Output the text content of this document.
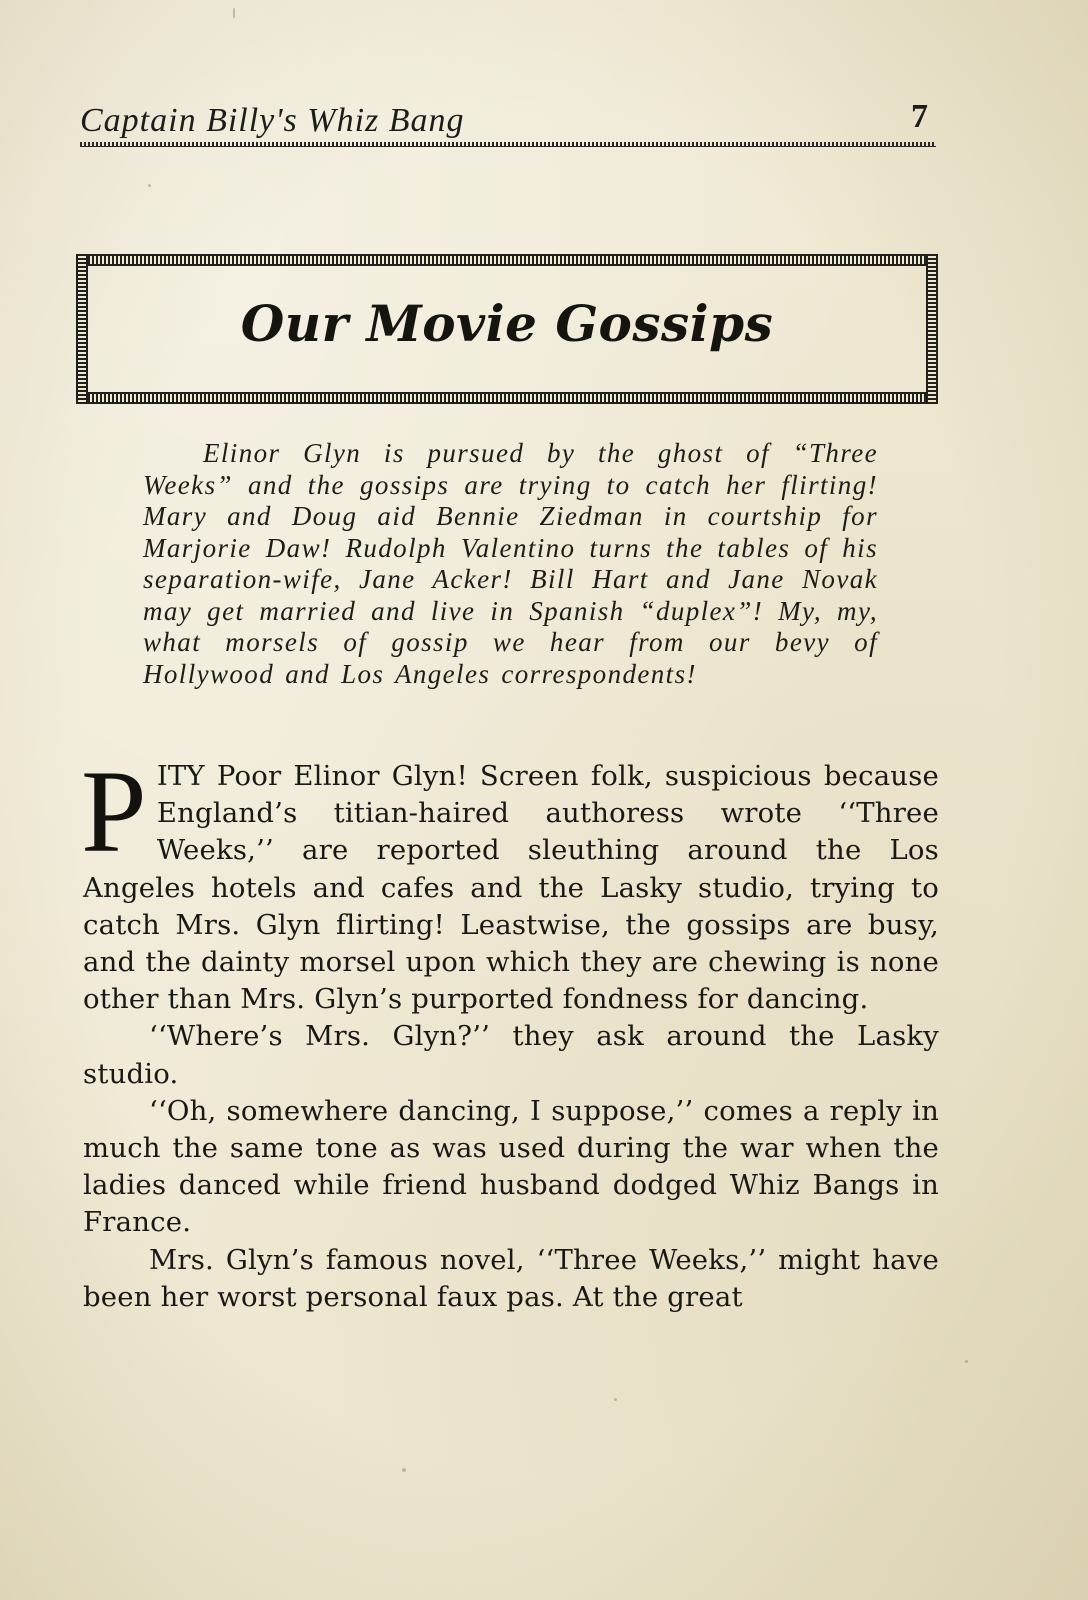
Captain Billy's Whiz Bang	7
Our Movie Gossips

Elinor Glyn is pursued by the ghost of “Three Weeks” and the gossips are trying to catch her flirting! Mary and Doug aid Bennie Ziedman in courtship for Marjorie Daw! Rudolph Valentino turns the tables of his separation-wife, Jane Acker! Bill Hart and Jane Novak may get married and live in Spanish “duplex”! My, my, what morsels of gossip we hear from our bevy of Hollywood and Los Angeles correspondents!

PITY Poor Elinor Glyn! Screen folk, suspicious because England’s titian-haired authoress wrote ‘‘Three Weeks,’’ are reported sleuthing around the Los Angeles hotels and cafes and the Lasky studio, trying to catch Mrs. Glyn flirting! Leastwise, the gossips are busy, and the dainty morsel upon which they are chewing is none other than Mrs. Glyn’s purported fondness for dancing.

‘‘Where’s Mrs. Glyn?’’ they ask around the Lasky studio.

‘‘Oh, somewhere dancing, I suppose,’’ comes a reply in much the same tone as was used during the war when the ladies danced while friend husband dodged Whiz Bangs in France.

Mrs. Glyn’s famous novel, ‘‘Three Weeks,’’ might have been her worst personal faux pas. At the great
